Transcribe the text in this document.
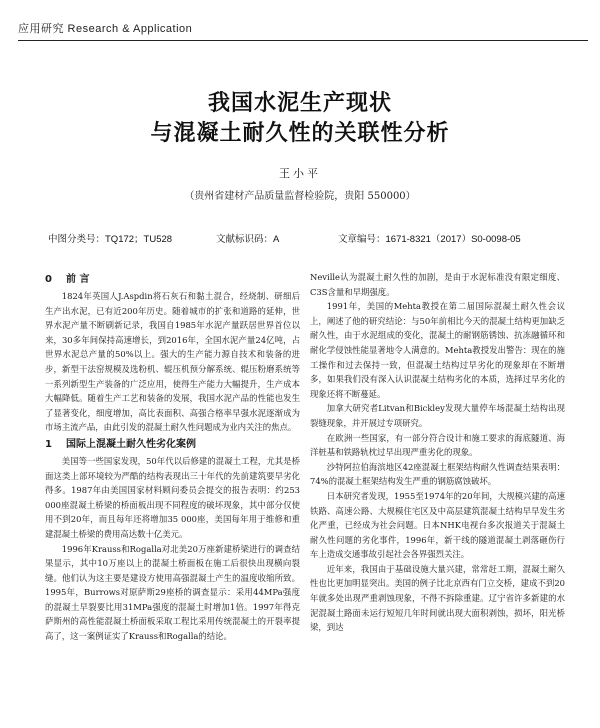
应用研究 Research & Application
我国水泥生产现状
与混凝土耐久性的关联性分析
王小平
（贵州省建材产品质量监督检验院，贵阳 550000）
中图分类号：TQ172；TU528	文献标识码：A	文章编号：1671-8321（2017）S0-0098-05
0 前 言

1824年英国人J.Aspdin将石灰石和黏土混合，经烧制、研细后生产出水泥，已有近200年历史。随着城市的扩张和道路的延伸，世界水泥产量不断刷新记录，我国自1985年水泥产量跃居世界首位以来，30多年间保持高速增长，到2016年，全国水泥产量24亿吨，占世界水泥总产量的50%以上。强大的生产能力源自技术和装备的进步，新型干法窑规模及选粉机、辊压机预分解系统、辊压粉磨系统等一系列新型生产装备的广泛应用，使得生产能力大幅提升，生产成本大幅降低。随着生产工艺和装备的发展，我国水泥产品的性能也发生了显著变化，细度增加，高比表面积、高强合格率早强水泥逐渐成为市场主流产品，由此引发的混凝土耐久性问题成为业内关注的焦点。

1 国际上混凝土耐久性劣化案例

美国等一些国家发现，50年代以后修建的混凝土工程，尤其是桥面这类上部环境较为严酷的结构表现出三十年代的先前建筑要早劣化得多。1987年由美国国家材料顾问委员会提交的报告表明：约253 000座混凝土桥梁的桥面板出现不同程度的破坏现象，其中部分仅使用不到20年，而且每年还将增加35 000座，美国每年用于维修和重建混凝土桥梁的费用高达数十亿美元。

1996年Krauss和Rogalla对北美20万座新建桥梁进行的调查结果显示，其中10万座以上的混凝土桥面板在施工后很快出现横向裂缝。他们认为这主要是建设方使用高强混凝土产生的温度收缩所致。1995年，Burrows对原萨斯29座桥的调查显示：采用44MPa强度的混凝土早裂要比用31MPa强度的混凝土时增加1倍。1997年得克萨斯州的高性能混凝土桥面板采取工程比采用传统混凝土的开裂率提高了，这一案例证实了Krauss和Rogalla的结论。

Neville认为混凝土耐久性的加剧，是由于水泥标准没有限定细度、C3S含量和早期强度。

1991年，美国的Mehta教授在第二届国际混凝土耐久性会议上，阐述了他的研究结论：与50年前相比今天的混凝土结构更加缺乏耐久性，由于水泥组成的变化，混凝土的耐钢筋锈蚀、抗冻融循环和耐化学侵蚀性能显著地令人满意的。Mehta教授发出警告：现在的施工操作和过去保持一致，但混凝土结构过早劣化的现象却在不断增多，如果我们没有深入认识混凝土结构劣化的本质，选择过早劣化的现象还将不断蔓延。

加拿大研究者Litvan和Bickley发现大量停车场混凝土结构出现裂缝现象，并开展过专项研究。

在欧洲一些国家，有一部分符合设计和施工要求的海底隧道、海洋桩基和铁路轨枕过早出现严重劣化的现象。

沙特阿拉伯海滨地区42座混凝土框架结构耐久性调查结果表明：74%的混凝土框架结构发生严重的钢筋腐蚀破坏。

日本研究者发现，1955至1974年的20年间，大规模兴建的高速铁路、高速公路、大规模住宅区及中高层建筑混凝土结构早早发生劣化严重，已经成为社会问题。日本NHK电视台多次报道关于混凝土耐久性问题的劣化事件，1996年，新干线的隧道混凝土剥落砸伤行车上造成交通事故引起社会各界强烈关注。

近年来，我国由于基础设施大量兴建，常常赶工期，混凝土耐久性也比更加明显突出。美国的例子比北京西有门立交桥，建成不到20年就多处出现严重剥蚀现象，不得不拆除重建。辽宁省许多新建的水泥混凝土路面未运行短短几年时间就出现大面积剥蚀，损坏，阳光桥梁，到达
